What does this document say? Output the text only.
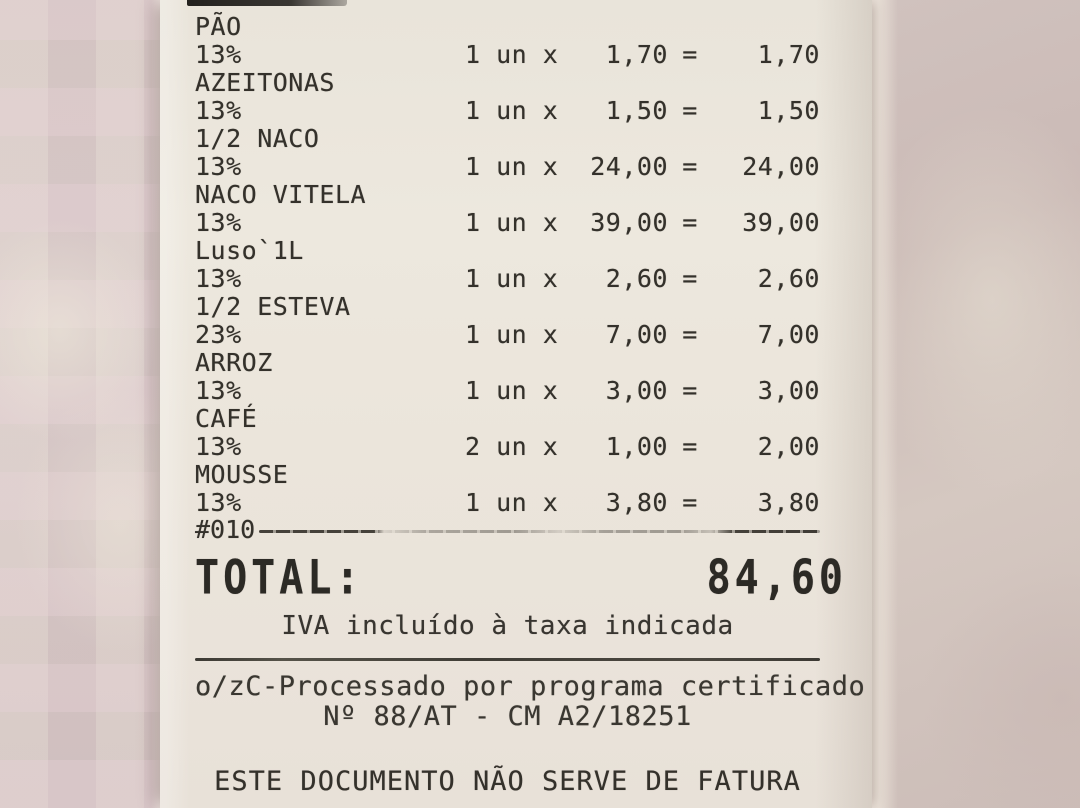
PÃO
13%	1 un x	1,70 =	1,70
AZEITONAS
13%	1 un x	1,50 =	1,50
1/2 NACO
13%	1 un x	24,00 =	24,00
NACO VITELA
13%	1 un x	39,00 =	39,00
Luso`1L
13%	1 un x	2,60 =	2,60
1/2 ESTEVA
23%	1 un x	7,00 =	7,00
ARROZ
13%	1 un x	3,00 =	3,00
CAFÉ
13%	2 un x	1,00 =	2,00
MOUSSE
13%	1 un x	3,80 =	3,80
#010
TOTAL:	84,60
IVA incluído à taxa indicada
o/zC-Processado por programa certificado
Nº 88/AT - CM A2/18251
ESTE DOCUMENTO NÃO SERVE DE FATURA
